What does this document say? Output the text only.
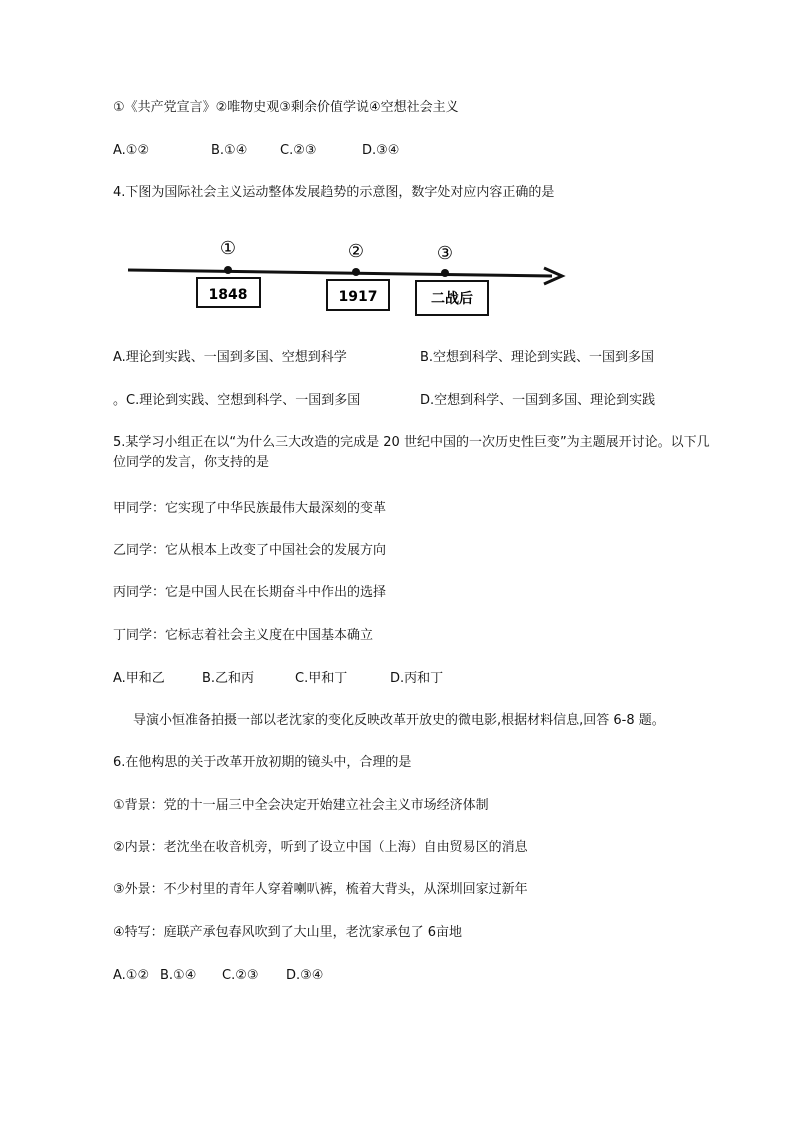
①《共产党宣言》②唯物史观③剩余价值学说④空想社会主义
A.①②	B.①④	C.②③	D.③④
4.下图为国际社会主义运动整体发展趋势的示意图，数字处对应内容正确的是
①	②	③
1848	1917	二战后
A.理论到实践、一国到多国、空想到科学	B.空想到科学、理论到实践、一国到多国
。C.理论到实践、空想到科学、一国到多国	D.空想到科学、一国到多国、理论到实践
5.某学习小组正在以“为什么三大改造的完成是 20 世纪中国的一次历史性巨变”为主题展开讨论。以下几位同学的发言，你支持的是
甲同学：它实现了中华民族最伟大最深刻的变革
乙同学：它从根本上改变了中国社会的发展方向
丙同学：它是中国人民在长期奋斗中作出的选择
丁同学：它标志着社会主义度在中国基本确立
A.甲和乙	B.乙和丙	C.甲和丁	D.丙和丁
导演小恒准备拍摄一部以老沈家的变化反映改革开放史的微电影,根据材料信息,回答 6-8 题。
6.在他构思的关于改革开放初期的镜头中，合理的是
①背景：党的十一届三中全会决定开始建立社会主义市场经济体制
②内景：老沈坐在收音机旁，听到了设立中国（上海）自由贸易区的消息
③外景：不少村里的青年人穿着喇叭裤，梳着大背头，从深圳回家过新年
④特写：庭联产承包春风吹到了大山里，老沈家承包了 6亩地
A.①② B.①④ C.②③ D.③④
